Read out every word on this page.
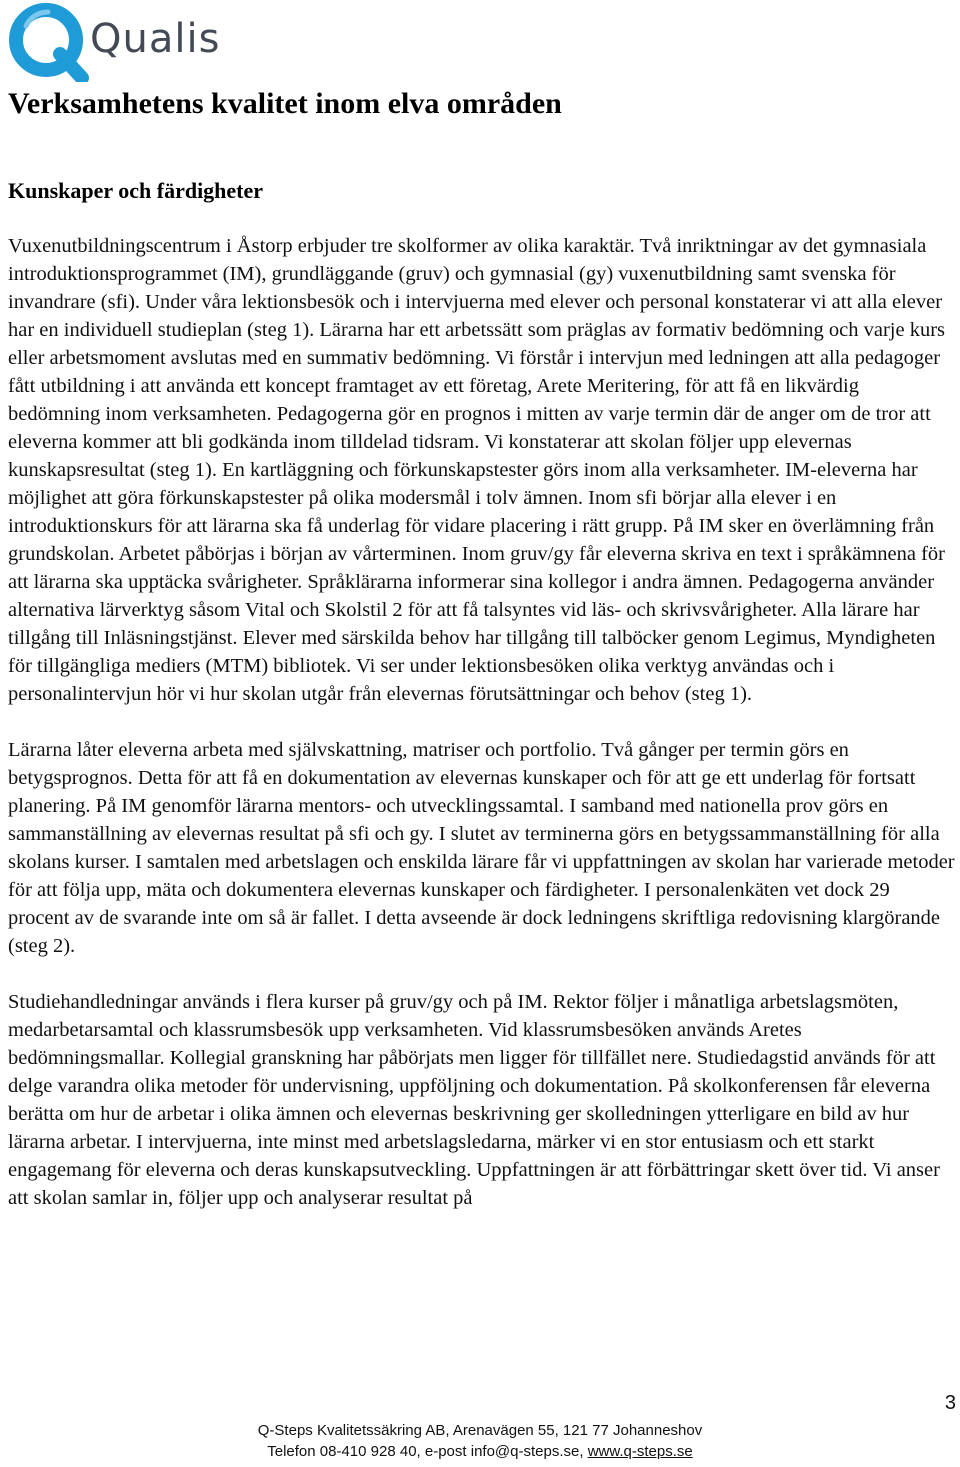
Qualis
Verksamhetens kvalitet inom elva områden
Kunskaper och färdigheter

Vuxenutbildningscentrum i Åstorp erbjuder tre skolformer av olika karaktär. Två inriktningar av det gymnasiala introduktionsprogrammet (IM), grundläggande (gruv) och gymnasial (gy) vuxenutbildning samt svenska för invandrare (sfi). Under våra lektionsbesök och i intervjuerna med elever och personal konstaterar vi att alla elever har en individuell studieplan (steg 1). Lärarna har ett arbetssätt som präglas av formativ bedömning och varje kurs eller arbetsmoment avslutas med en summativ bedömning. Vi förstår i intervjun med ledningen att alla pedagoger fått utbildning i att använda ett koncept framtaget av ett företag, Arete Meritering, för att få en likvärdig bedömning inom verksamheten. Pedagogerna gör en prognos i mitten av varje termin där de anger om de tror att eleverna kommer att bli godkända inom tilldelad tidsram. Vi konstaterar att skolan följer upp elevernas kunskapsresultat (steg 1). En kartläggning och förkunskapstester görs inom alla verksamheter. IM-eleverna har möjlighet att göra förkunskapstester på olika modersmål i tolv ämnen. Inom sfi börjar alla elever i en introduktionskurs för att lärarna ska få underlag för vidare placering i rätt grupp. På IM sker en överlämning från grundskolan. Arbetet påbörjas i början av vårterminen. Inom gruv/gy får eleverna skriva en text i språkämnena för att lärarna ska upptäcka svårigheter. Språklärarna informerar sina kollegor i andra ämnen. Pedagogerna använder alternativa lärverktyg såsom Vital och Skolstil 2 för att få talsyntes vid läs- och skrivsvårigheter. Alla lärare har tillgång till Inläsningstjänst. Elever med särskilda behov har tillgång till talböcker genom Legimus, Myndigheten för tillgängliga mediers (MTM) bibliotek. Vi ser under lektionsbesöken olika verktyg användas och i personalintervjun hör vi hur skolan utgår från elevernas förutsättningar och behov (steg 1).

Lärarna låter eleverna arbeta med självskattning, matriser och portfolio. Två gånger per termin görs en betygsprognos. Detta för att få en dokumentation av elevernas kunskaper och för att ge ett underlag för fortsatt planering. På IM genomför lärarna mentors- och utvecklingssamtal. I samband med nationella prov görs en sammanställning av elevernas resultat på sfi och gy. I slutet av terminerna görs en betygssammanställning för alla skolans kurser. I samtalen med arbetslagen och enskilda lärare får vi uppfattningen av skolan har varierade metoder för att följa upp, mäta och dokumentera elevernas kunskaper och färdigheter. I personalenkäten vet dock 29 procent av de svarande inte om så är fallet. I detta avseende är dock ledningens skriftliga redovisning klargörande (steg 2).

Studiehandledningar används i flera kurser på gruv/gy och på IM. Rektor följer i månatliga arbetslagsmöten, medarbetarsamtal och klassrumsbesök upp verksamheten. Vid klassrumsbesöken används Aretes bedömningsmallar. Kollegial granskning har påbörjats men ligger för tillfället nere. Studiedagstid används för att delge varandra olika metoder för undervisning, uppföljning och dokumentation. På skolkonferensen får eleverna berätta om hur de arbetar i olika ämnen och elevernas beskrivning ger skolledningen ytterligare en bild av hur lärarna arbetar. I intervjuerna, inte minst med arbetslagsledarna, märker vi en stor entusiasm och ett starkt engagemang för eleverna och deras kunskapsutveckling. Uppfattningen är att förbättringar skett över tid. Vi anser att skolan samlar in, följer upp och analyserar resultat på

3
Q-Steps Kvalitetssäkring AB, Arenavägen 55, 121 77 Johanneshov
Telefon 08-410 928 40, e-post info@q-steps.se, www.q-steps.se
